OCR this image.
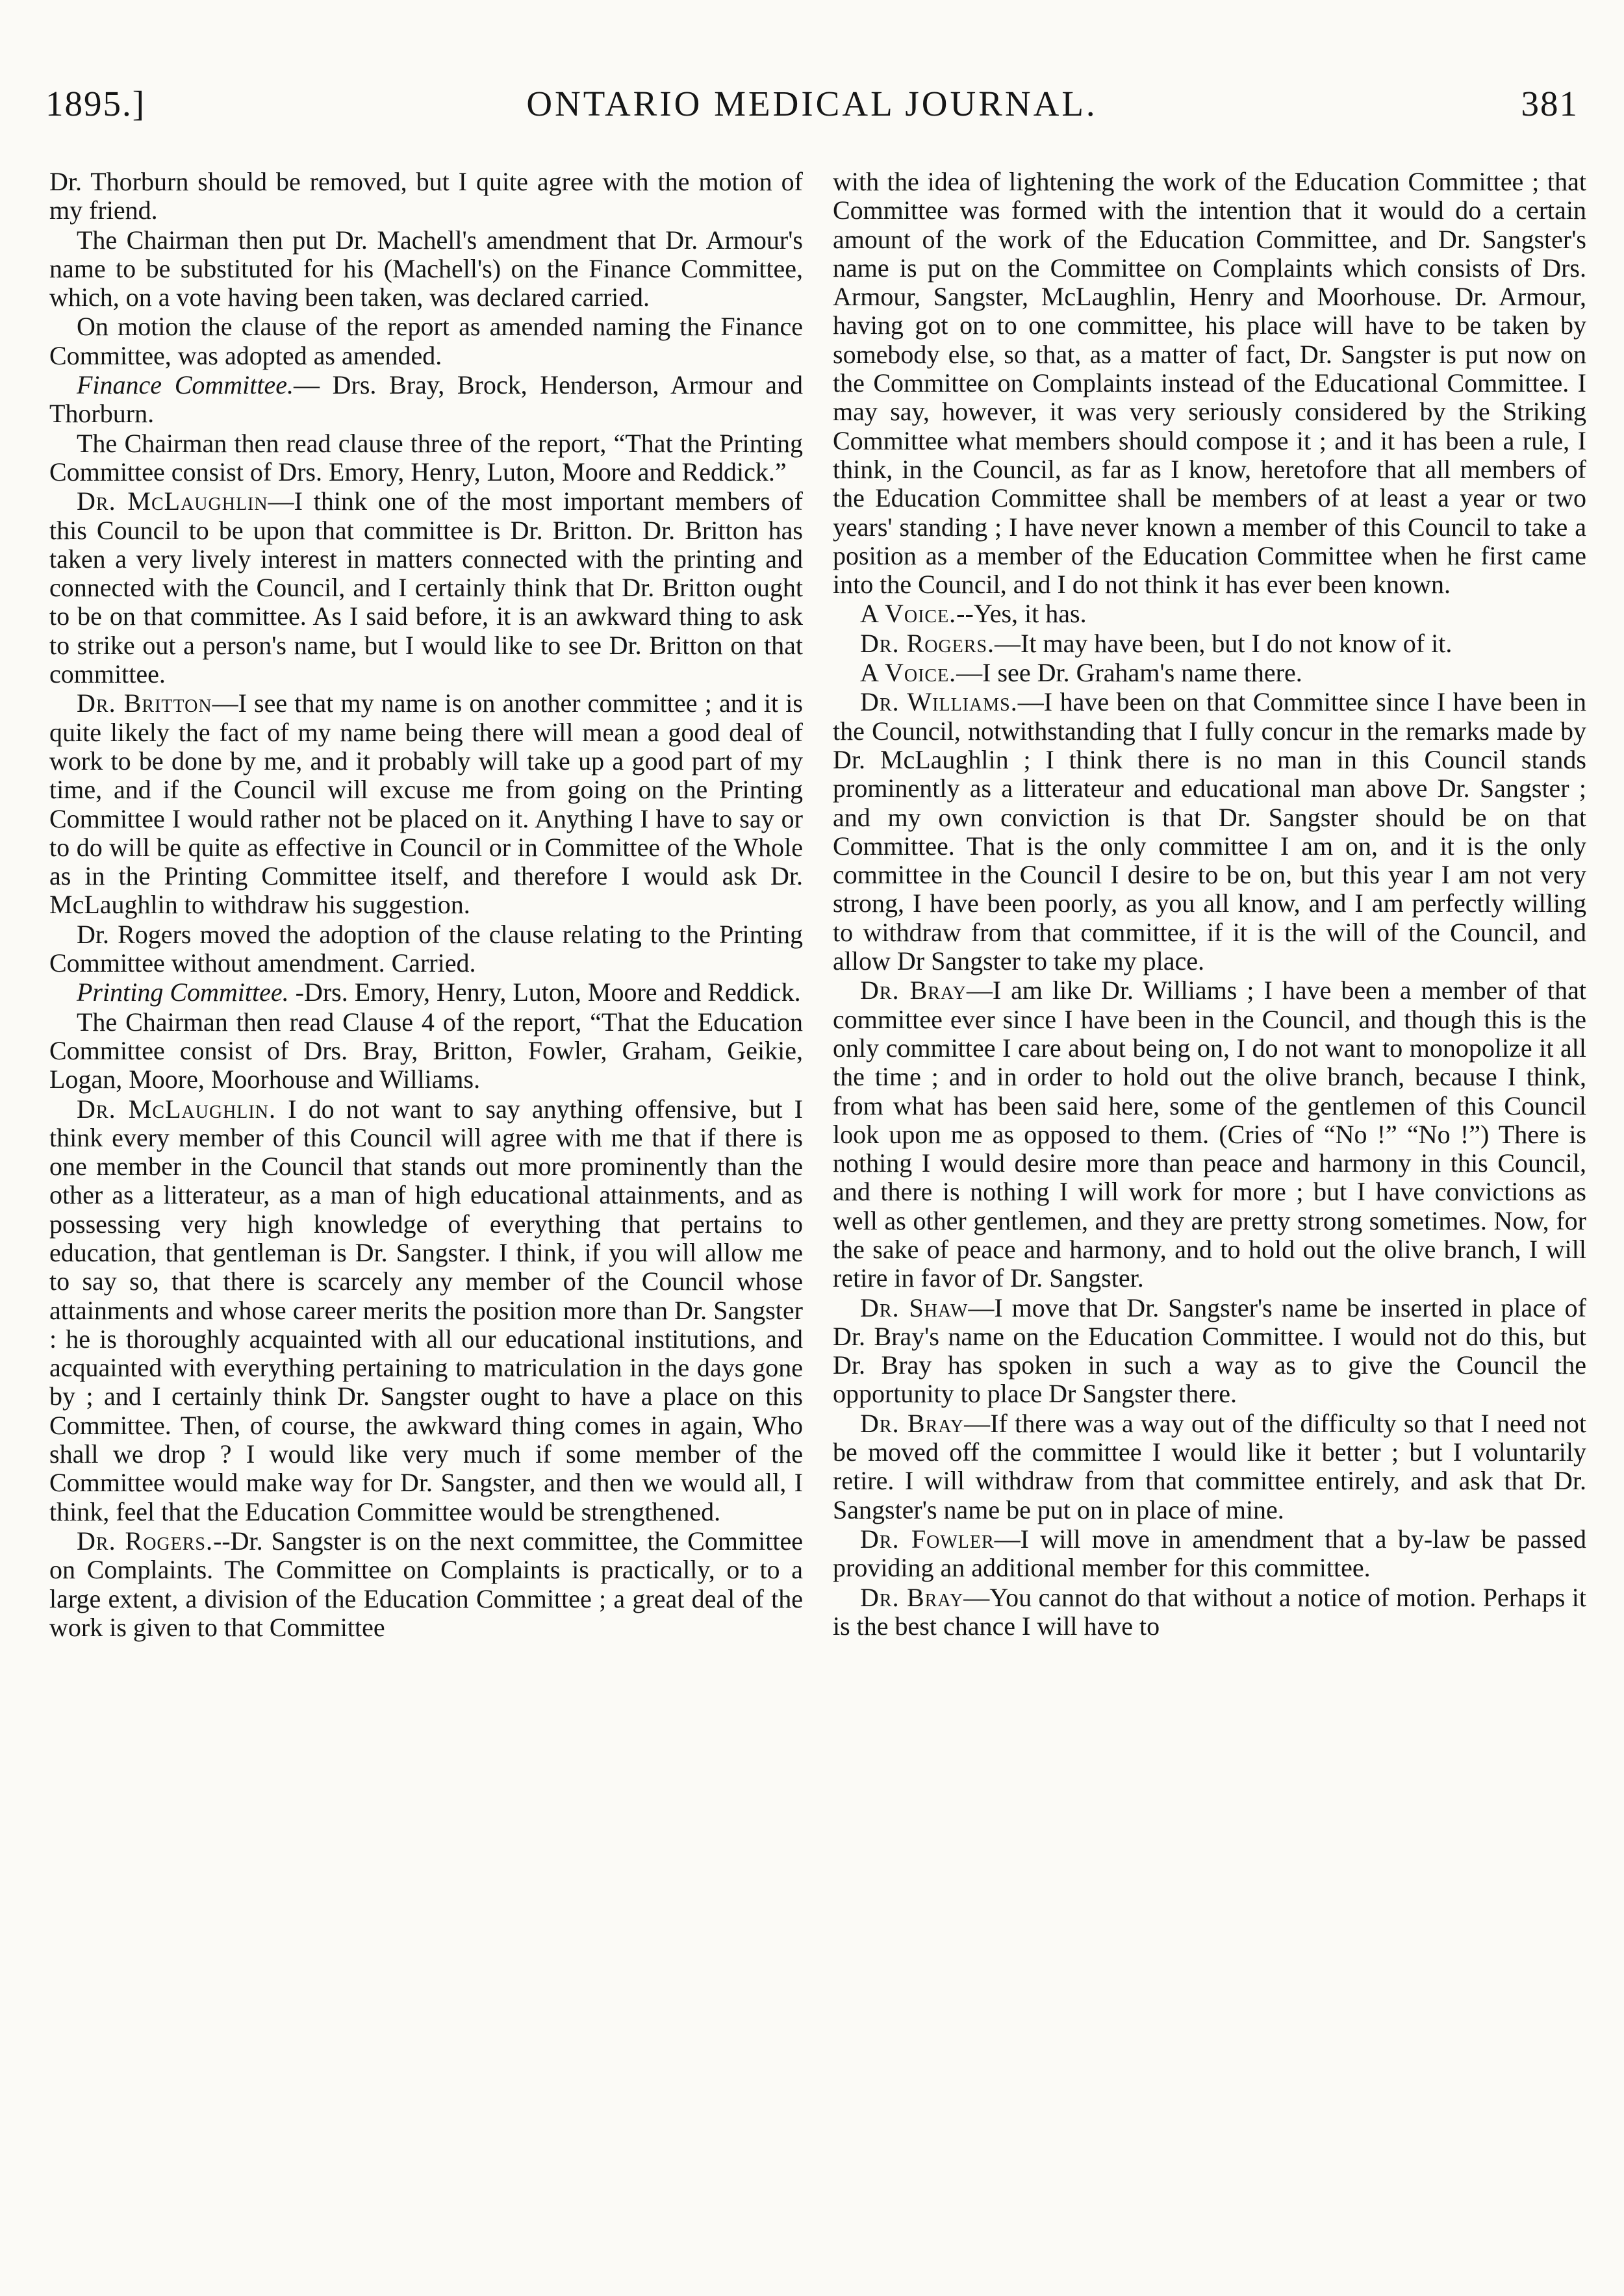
1895.]	ONTARIO MEDICAL JOURNAL.	381

Dr. Thorburn should be removed, but I quite agree with the motion of my friend.

The Chairman then put Dr. Machell's amendment that Dr. Armour's name to be substituted for his (Machell's) on the Finance Committee, which, on a vote having been taken, was declared carried.

On motion the clause of the report as amended naming the Finance Committee, was adopted as amended.

Finance Committee.— Drs. Bray, Brock, Henderson, Armour and Thorburn.

The Chairman then read clause three of the report, “That the Printing Committee consist of Drs. Emory, Henry, Luton, Moore and Reddick.”

Dr. McLaughlin—I think one of the most important members of this Council to be upon that committee is Dr. Britton. Dr. Britton has taken a very lively interest in matters connected with the printing and connected with the Council, and I certainly think that Dr. Britton ought to be on that committee. As I said before, it is an awkward thing to ask to strike out a person's name, but I would like to see Dr. Britton on that committee.

Dr. Britton—I see that my name is on another committee ; and it is quite likely the fact of my name being there will mean a good deal of work to be done by me, and it probably will take up a good part of my time, and if the Council will excuse me from going on the Printing Committee I would rather not be placed on it. Anything I have to say or to do will be quite as effective in Council or in Committee of the Whole as in the Printing Committee itself, and therefore I would ask Dr. McLaughlin to withdraw his suggestion.

Dr. Rogers moved the adoption of the clause relating to the Printing Committee without amendment. Carried.

Printing Committee. -Drs. Emory, Henry, Luton, Moore and Reddick.

The Chairman then read Clause 4 of the report, “That the Education Committee consist of Drs. Bray, Britton, Fowler, Graham, Geikie, Logan, Moore, Moorhouse and Williams.

Dr. McLaughlin. I do not want to say anything offensive, but I think every member of this Council will agree with me that if there is one member in the Council that stands out more prominently than the other as a litterateur, as a man of high educational attainments, and as possessing very high knowledge of everything that pertains to education, that gentleman is Dr. Sangster. I think, if you will allow me to say so, that there is scarcely any member of the Council whose attainments and whose career merits the position more than Dr. Sangster : he is thoroughly acquainted with all our educational institutions, and acquainted with everything pertaining to matriculation in the days gone by ; and I certainly think Dr. Sangster ought to have a place on this Committee. Then, of course, the awkward thing comes in again, Who shall we drop ? I would like very much if some member of the Committee would make way for Dr. Sangster, and then we would all, I think, feel that the Education Committee would be strengthened.

Dr. Rogers.--Dr. Sangster is on the next committee, the Committee on Complaints. The Committee on Complaints is practically, or to a large extent, a division of the Education Committee ; a great deal of the work is given to that Committee

with the idea of lightening the work of the Education Committee ; that Committee was formed with the intention that it would do a certain amount of the work of the Education Committee, and Dr. Sangster's name is put on the Committee on Complaints which consists of Drs. Armour, Sangster, McLaughlin, Henry and Moorhouse. Dr. Armour, having got on to one committee, his place will have to be taken by somebody else, so that, as a matter of fact, Dr. Sangster is put now on the Committee on Complaints instead of the Educational Committee. I may say, however, it was very seriously considered by the Striking Committee what members should compose it ; and it has been a rule, I think, in the Council, as far as I know, heretofore that all members of the Education Committee shall be members of at least a year or two years' standing ; I have never known a member of this Council to take a position as a member of the Education Committee when he first came into the Council, and I do not think it has ever been known.

A Voice.--Yes, it has.

Dr. Rogers.—It may have been, but I do not know of it.

A Voice.—I see Dr. Graham's name there.

Dr. Williams.—I have been on that Committee since I have been in the Council, notwithstanding that I fully concur in the remarks made by Dr. McLaughlin ; I think there is no man in this Council stands prominently as a litterateur and educational man above Dr. Sangster ; and my own conviction is that Dr. Sangster should be on that Committee. That is the only committee I am on, and it is the only committee in the Council I desire to be on, but this year I am not very strong, I have been poorly, as you all know, and I am perfectly willing to withdraw from that committee, if it is the will of the Council, and allow Dr Sangster to take my place.

Dr. Bray—I am like Dr. Williams ; I have been a member of that committee ever since I have been in the Council, and though this is the only committee I care about being on, I do not want to monopolize it all the time ; and in order to hold out the olive branch, because I think, from what has been said here, some of the gentlemen of this Council look upon me as opposed to them. (Cries of “No !” “No !”) There is nothing I would desire more than peace and harmony in this Council, and there is nothing I will work for more ; but I have convictions as well as other gentlemen, and they are pretty strong sometimes. Now, for the sake of peace and harmony, and to hold out the olive branch, I will retire in favor of Dr. Sangster.

Dr. Shaw—I move that Dr. Sangster's name be inserted in place of Dr. Bray's name on the Education Committee. I would not do this, but Dr. Bray has spoken in such a way as to give the Council the opportunity to place Dr Sangster there.

Dr. Bray—If there was a way out of the difficulty so that I need not be moved off the committee I would like it better ; but I voluntarily retire. I will withdraw from that committee entirely, and ask that Dr. Sangster's name be put on in place of mine.

Dr. Fowler—I will move in amendment that a by-law be passed providing an additional member for this committee.

Dr. Bray—You cannot do that without a notice of motion. Perhaps it is the best chance I will have to
